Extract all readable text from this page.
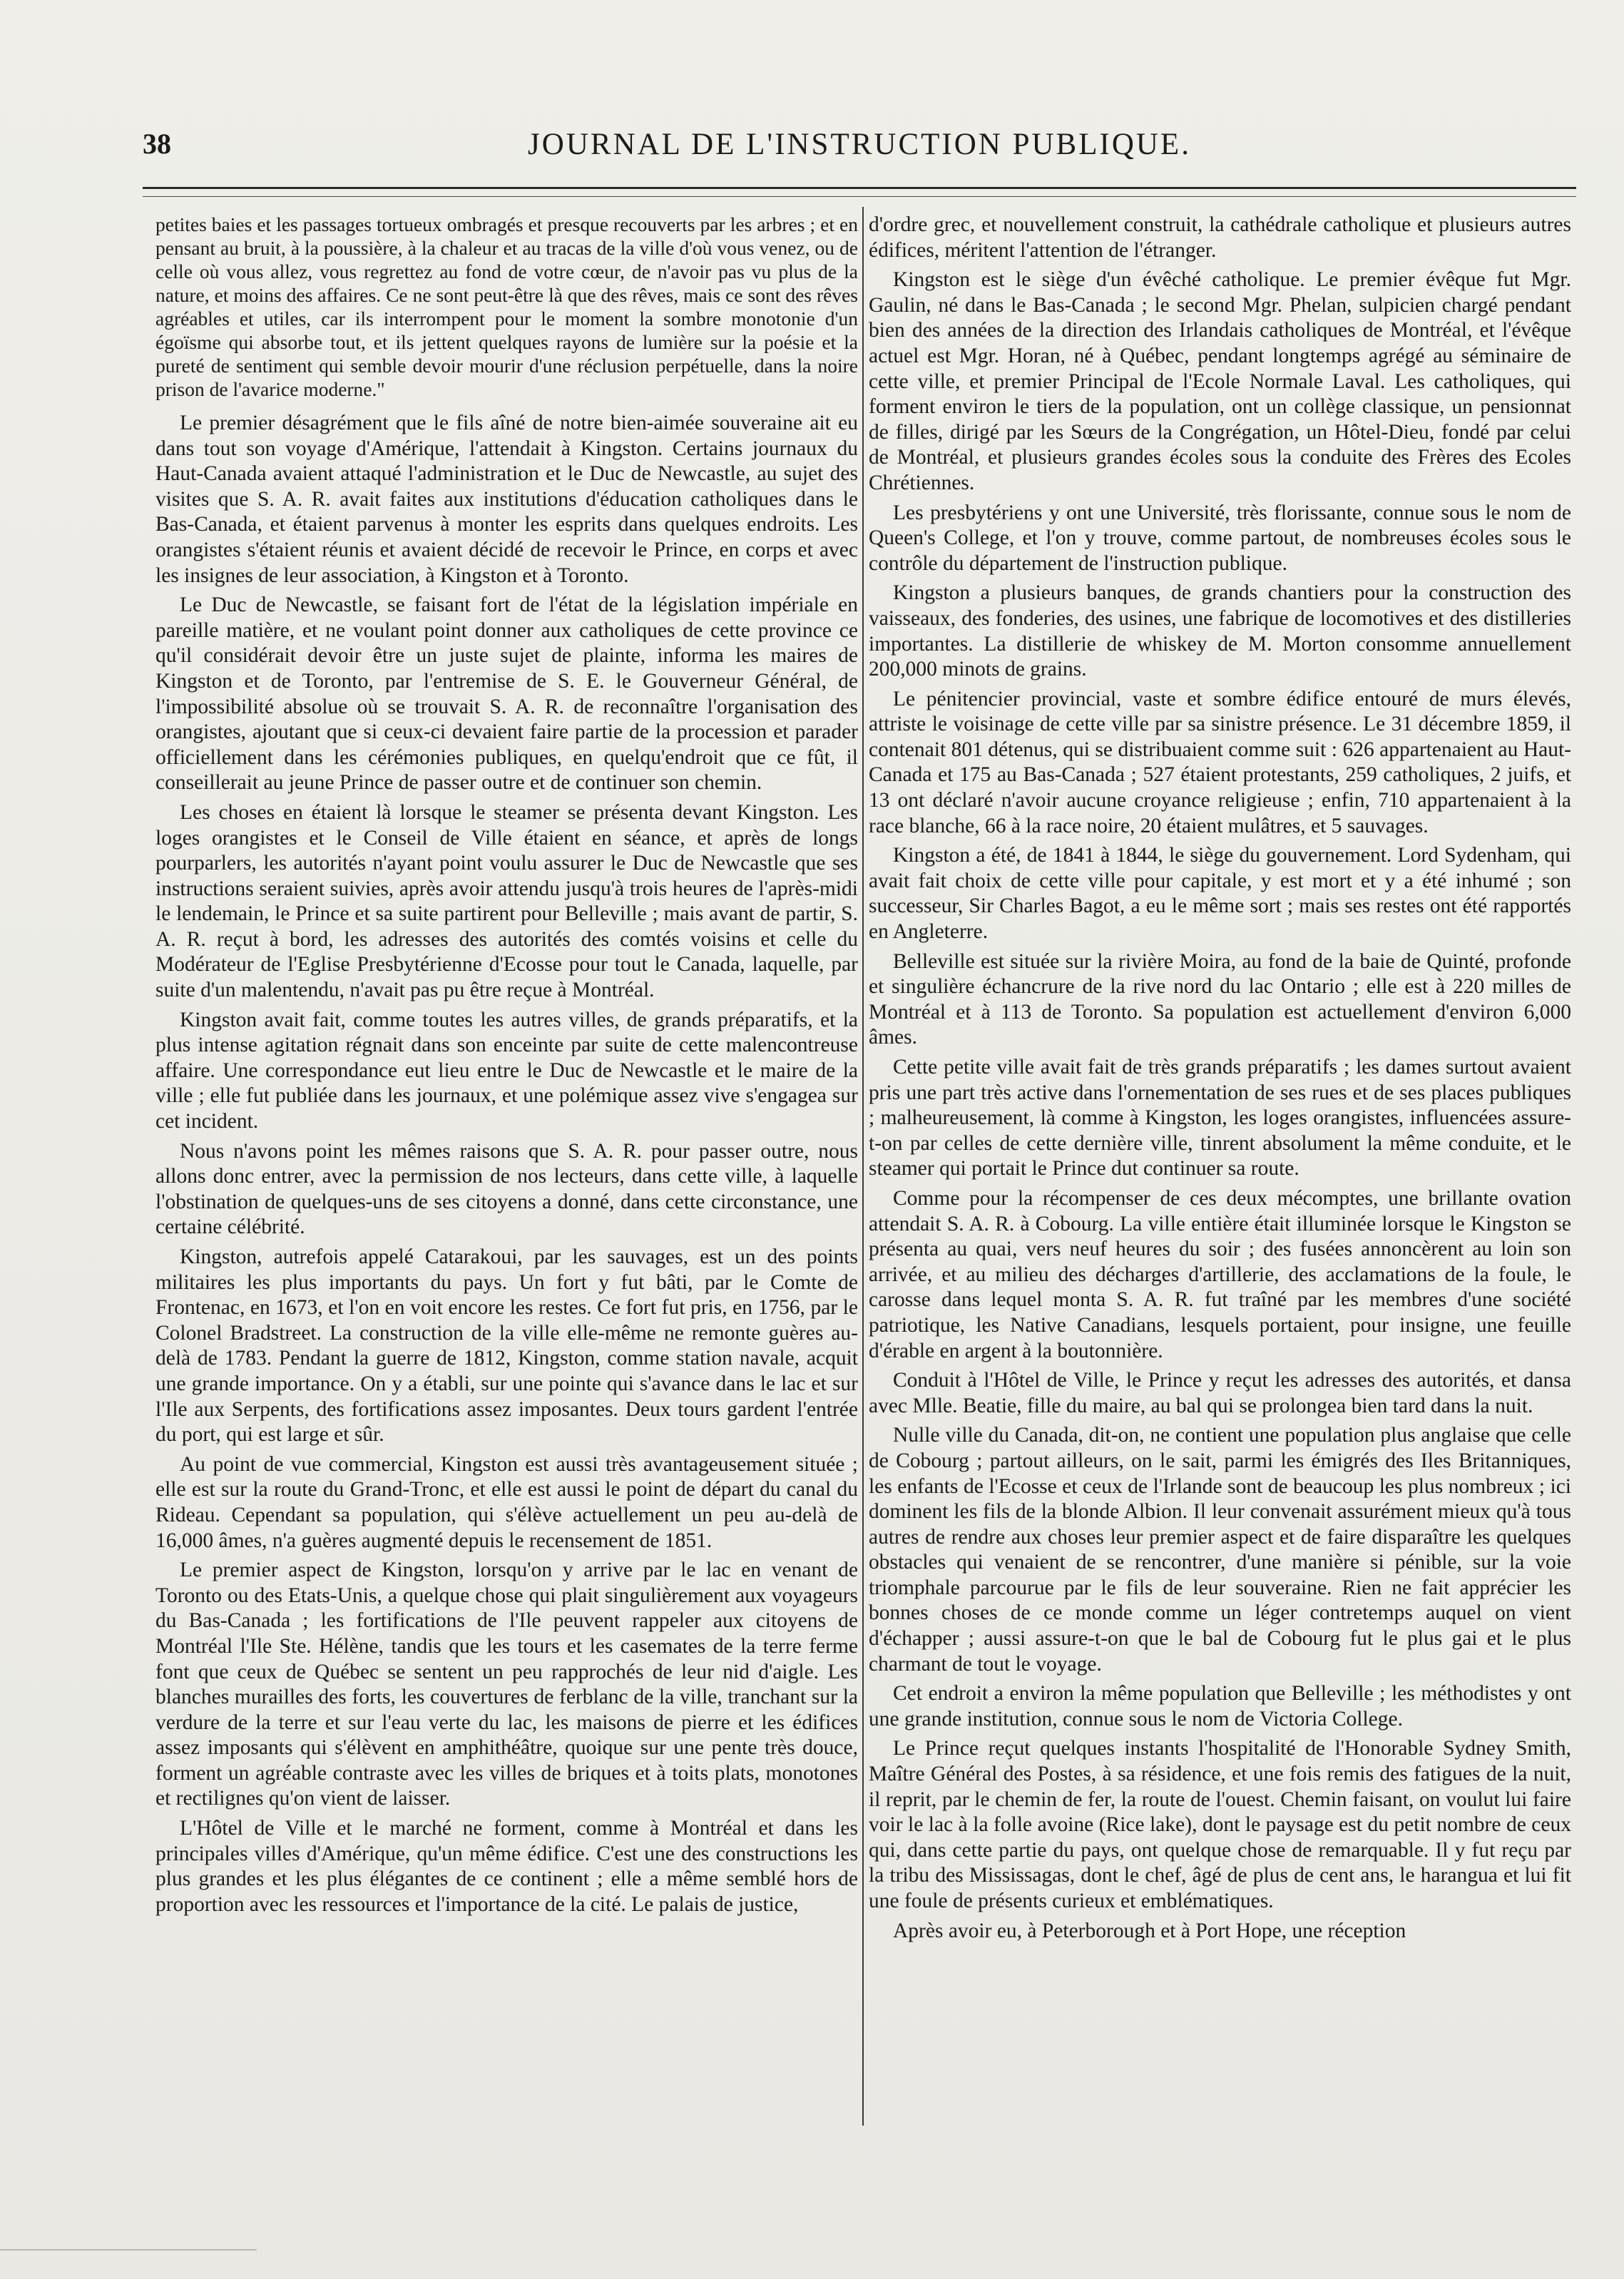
38	JOURNAL DE L'INSTRUCTION PUBLIQUE.

petites baies et les passages tortueux ombragés et presque recouverts par les arbres ; et en pensant au bruit, à la poussière, à la chaleur et au tracas de la ville d'où vous venez, ou de celle où vous allez, vous regrettez au fond de votre cœur, de n'avoir pas vu plus de la nature, et moins des affaires. Ce ne sont peut-être là que des rêves, mais ce sont des rêves agréables et utiles, car ils interrompent pour le moment la sombre monotonie d'un égoïsme qui absorbe tout, et ils jettent quelques rayons de lumière sur la poésie et la pureté de sentiment qui semble devoir mourir d'une réclusion perpétuelle, dans la noire prison de l'avarice moderne."

Le premier désagrément que le fils aîné de notre bien-aimée souveraine ait eu dans tout son voyage d'Amérique, l'attendait à Kingston. Certains journaux du Haut-Canada avaient attaqué l'administration et le Duc de Newcastle, au sujet des visites que S. A. R. avait faites aux institutions d'éducation catholiques dans le Bas-Canada, et étaient parvenus à monter les esprits dans quelques endroits. Les orangistes s'étaient réunis et avaient décidé de recevoir le Prince, en corps et avec les insignes de leur association, à Kingston et à Toronto.

Le Duc de Newcastle, se faisant fort de l'état de la législation impériale en pareille matière, et ne voulant point donner aux catholiques de cette province ce qu'il considérait devoir être un juste sujet de plainte, informa les maires de Kingston et de Toronto, par l'entremise de S. E. le Gouverneur Général, de l'impossibilité absolue où se trouvait S. A. R. de reconnaître l'organisation des orangistes, ajoutant que si ceux-ci devaient faire partie de la procession et parader officiellement dans les cérémonies publiques, en quelqu'endroit que ce fût, il conseillerait au jeune Prince de passer outre et de continuer son chemin.

Les choses en étaient là lorsque le steamer se présenta devant Kingston. Les loges orangistes et le Conseil de Ville étaient en séance, et après de longs pourparlers, les autorités n'ayant point voulu assurer le Duc de Newcastle que ses instructions seraient suivies, après avoir attendu jusqu'à trois heures de l'après-midi le lendemain, le Prince et sa suite partirent pour Belleville ; mais avant de partir, S. A. R. reçut à bord, les adresses des autorités des comtés voisins et celle du Modérateur de l'Eglise Presbytérienne d'Ecosse pour tout le Canada, laquelle, par suite d'un malentendu, n'avait pas pu être reçue à Montréal.

Kingston avait fait, comme toutes les autres villes, de grands préparatifs, et la plus intense agitation régnait dans son enceinte par suite de cette malencontreuse affaire. Une correspondance eut lieu entre le Duc de Newcastle et le maire de la ville ; elle fut publiée dans les journaux, et une polémique assez vive s'engagea sur cet incident.

Nous n'avons point les mêmes raisons que S. A. R. pour passer outre, nous allons donc entrer, avec la permission de nos lecteurs, dans cette ville, à laquelle l'obstination de quelques-uns de ses citoyens a donné, dans cette circonstance, une certaine célébrité.

Kingston, autrefois appelé Catarakoui, par les sauvages, est un des points militaires les plus importants du pays. Un fort y fut bâti, par le Comte de Frontenac, en 1673, et l'on en voit encore les restes. Ce fort fut pris, en 1756, par le Colonel Bradstreet. La construction de la ville elle-même ne remonte guères au-delà de 1783. Pendant la guerre de 1812, Kingston, comme station navale, acquit une grande importance. On y a établi, sur une pointe qui s'avance dans le lac et sur l'Ile aux Serpents, des fortifications assez imposantes. Deux tours gardent l'entrée du port, qui est large et sûr.

Au point de vue commercial, Kingston est aussi très avantageusement située ; elle est sur la route du Grand-Tronc, et elle est aussi le point de départ du canal du Rideau. Cependant sa population, qui s'élève actuellement un peu au-delà de 16,000 âmes, n'a guères augmenté depuis le recensement de 1851.

Le premier aspect de Kingston, lorsqu'on y arrive par le lac en venant de Toronto ou des Etats-Unis, a quelque chose qui plait singulièrement aux voyageurs du Bas-Canada ; les fortifications de l'Ile peuvent rappeler aux citoyens de Montréal l'Ile Ste. Hélène, tandis que les tours et les casemates de la terre ferme font que ceux de Québec se sentent un peu rapprochés de leur nid d'aigle. Les blanches murailles des forts, les couvertures de ferblanc de la ville, tranchant sur la verdure de la terre et sur l'eau verte du lac, les maisons de pierre et les édifices assez imposants qui s'élèvent en amphithéâtre, quoique sur une pente très douce, forment un agréable contraste avec les villes de briques et à toits plats, monotones et rectilignes qu'on vient de laisser.

L'Hôtel de Ville et le marché ne forment, comme à Montréal et dans les principales villes d'Amérique, qu'un même édifice. C'est une des constructions les plus grandes et les plus élégantes de ce continent ; elle a même semblé hors de proportion avec les ressources et l'importance de la cité. Le palais de justice,

d'ordre grec, et nouvellement construit, la cathédrale catholique et plusieurs autres édifices, méritent l'attention de l'étranger.

Kingston est le siège d'un évêché catholique. Le premier évêque fut Mgr. Gaulin, né dans le Bas-Canada ; le second Mgr. Phelan, sulpicien chargé pendant bien des années de la direction des Irlandais catholiques de Montréal, et l'évêque actuel est Mgr. Horan, né à Québec, pendant longtemps agrégé au séminaire de cette ville, et premier Principal de l'Ecole Normale Laval. Les catholiques, qui forment environ le tiers de la population, ont un collège classique, un pensionnat de filles, dirigé par les Sœurs de la Congrégation, un Hôtel-Dieu, fondé par celui de Montréal, et plusieurs grandes écoles sous la conduite des Frères des Ecoles Chrétiennes.

Les presbytériens y ont une Université, très florissante, connue sous le nom de Queen's College, et l'on y trouve, comme partout, de nombreuses écoles sous le contrôle du département de l'instruction publique.

Kingston a plusieurs banques, de grands chantiers pour la construction des vaisseaux, des fonderies, des usines, une fabrique de locomotives et des distilleries importantes. La distillerie de whiskey de M. Morton consomme annuellement 200,000 minots de grains.

Le pénitencier provincial, vaste et sombre édifice entouré de murs élevés, attriste le voisinage de cette ville par sa sinistre présence. Le 31 décembre 1859, il contenait 801 détenus, qui se distribuaient comme suit : 626 appartenaient au Haut-Canada et 175 au Bas-Canada ; 527 étaient protestants, 259 catholiques, 2 juifs, et 13 ont déclaré n'avoir aucune croyance religieuse ; enfin, 710 appartenaient à la race blanche, 66 à la race noire, 20 étaient mulâtres, et 5 sauvages.

Kingston a été, de 1841 à 1844, le siège du gouvernement. Lord Sydenham, qui avait fait choix de cette ville pour capitale, y est mort et y a été inhumé ; son successeur, Sir Charles Bagot, a eu le même sort ; mais ses restes ont été rapportés en Angleterre.

Belleville est située sur la rivière Moira, au fond de la baie de Quinté, profonde et singulière échancrure de la rive nord du lac Ontario ; elle est à 220 milles de Montréal et à 113 de Toronto. Sa population est actuellement d'environ 6,000 âmes.

Cette petite ville avait fait de très grands préparatifs ; les dames surtout avaient pris une part très active dans l'ornementation de ses rues et de ses places publiques ; malheureusement, là comme à Kingston, les loges orangistes, influencées assure-t-on par celles de cette dernière ville, tinrent absolument la même conduite, et le steamer qui portait le Prince dut continuer sa route.

Comme pour la récompenser de ces deux mécomptes, une brillante ovation attendait S. A. R. à Cobourg. La ville entière était illuminée lorsque le Kingston se présenta au quai, vers neuf heures du soir ; des fusées annoncèrent au loin son arrivée, et au milieu des décharges d'artillerie, des acclamations de la foule, le carosse dans lequel monta S. A. R. fut traîné par les membres d'une société patriotique, les Native Canadians, lesquels portaient, pour insigne, une feuille d'érable en argent à la boutonnière.

Conduit à l'Hôtel de Ville, le Prince y reçut les adresses des autorités, et dansa avec Mlle. Beatie, fille du maire, au bal qui se prolongea bien tard dans la nuit.

Nulle ville du Canada, dit-on, ne contient une population plus anglaise que celle de Cobourg ; partout ailleurs, on le sait, parmi les émigrés des Iles Britanniques, les enfants de l'Ecosse et ceux de l'Irlande sont de beaucoup les plus nombreux ; ici dominent les fils de la blonde Albion. Il leur convenait assurément mieux qu'à tous autres de rendre aux choses leur premier aspect et de faire disparaître les quelques obstacles qui venaient de se rencontrer, d'une manière si pénible, sur la voie triomphale parcourue par le fils de leur souveraine. Rien ne fait apprécier les bonnes choses de ce monde comme un léger contretemps auquel on vient d'échapper ; aussi assure-t-on que le bal de Cobourg fut le plus gai et le plus charmant de tout le voyage.

Cet endroit a environ la même population que Belleville ; les méthodistes y ont une grande institution, connue sous le nom de Victoria College.

Le Prince reçut quelques instants l'hospitalité de l'Honorable Sydney Smith, Maître Général des Postes, à sa résidence, et une fois remis des fatigues de la nuit, il reprit, par le chemin de fer, la route de l'ouest. Chemin faisant, on voulut lui faire voir le lac à la folle avoine (Rice lake), dont le paysage est du petit nombre de ceux qui, dans cette partie du pays, ont quelque chose de remarquable. Il y fut reçu par la tribu des Mississagas, dont le chef, âgé de plus de cent ans, le harangua et lui fit une foule de présents curieux et emblématiques.

Après avoir eu, à Peterborough et à Port Hope, une réception
